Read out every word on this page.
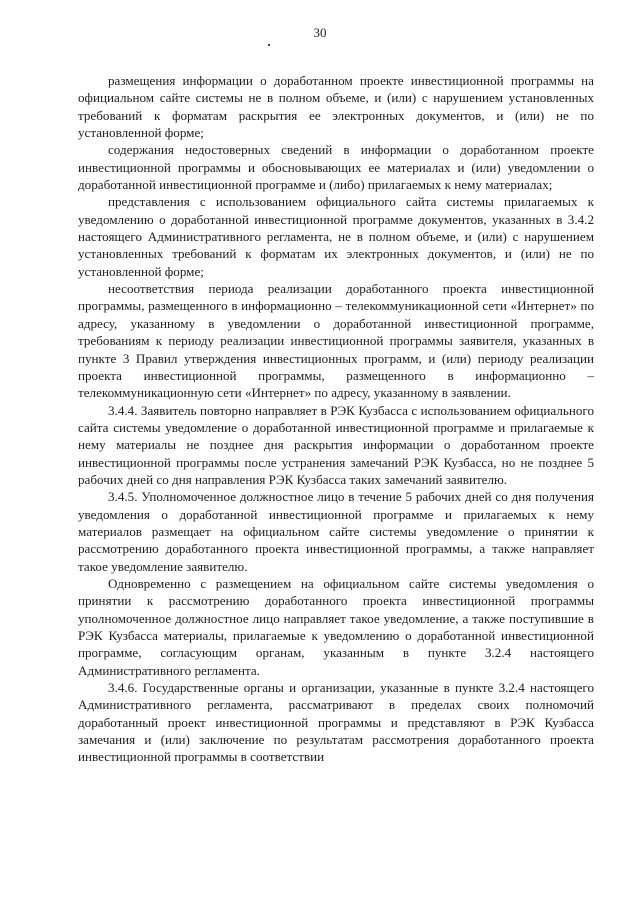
30

размещения информации о доработанном проекте инвестиционной программы на официальном сайте системы не в полном объеме, и (или) с нарушением установленных требований к форматам раскрытия ее электронных документов, и (или) не по установленной форме;

содержания недостоверных сведений в информации о доработанном проекте инвестиционной программы и обосновывающих ее материалах и (или) уведомлении о доработанной инвестиционной программе и (либо) прилагаемых к нему материалах;

представления с использованием официального сайта системы прилагаемых к уведомлению о доработанной инвестиционной программе документов, указанных в 3.4.2 настоящего Административного регламента, не в полном объеме, и (или) с нарушением установленных требований к форматам их электронных документов, и (или) не по установленной форме;

несоответствия периода реализации доработанного проекта инвестиционной программы, размещенного в информационно – телекоммуникационной сети «Интернет» по адресу, указанному в уведомлении о доработанной инвестиционной программе, требованиям к периоду реализации инвестиционной программы заявителя, указанных в пункте 3 Правил утверждения инвестиционных программ, и (или) периоду реализации проекта инвестиционной программы, размещенного в информационно – телекоммуникационную сети «Интернет» по адресу, указанному в заявлении.

3.4.4. Заявитель повторно направляет в РЭК Кузбасса с использованием официального сайта системы уведомление о доработанной инвестиционной программе и прилагаемые к нему материалы не позднее дня раскрытия информации о доработанном проекте инвестиционной программы после устранения замечаний РЭК Кузбасса, но не позднее 5 рабочих дней со дня направления РЭК Кузбасса таких замечаний заявителю.

3.4.5. Уполномоченное должностное лицо в течение 5 рабочих дней со дня получения уведомления о доработанной инвестиционной программе и прилагаемых к нему материалов размещает на официальном сайте системы уведомление о принятии к рассмотрению доработанного проекта инвестиционной программы, а также направляет такое уведомление заявителю.

Одновременно с размещением на официальном сайте системы уведомления о принятии к рассмотрению доработанного проекта инвестиционной программы уполномоченное должностное лицо направляет такое уведомление, а также поступившие в РЭК Кузбасса материалы, прилагаемые к уведомлению о доработанной инвестиционной программе, согласующим органам, указанным в пункте 3.2.4 настоящего Административного регламента.

3.4.6. Государственные органы и организации, указанные в пункте 3.2.4 настоящего Административного регламента, рассматривают в пределах своих полномочий доработанный проект инвестиционной программы и представляют в РЭК Кузбасса замечания и (или) заключение по результатам рассмотрения доработанного проекта инвестиционной программы в соответствии
